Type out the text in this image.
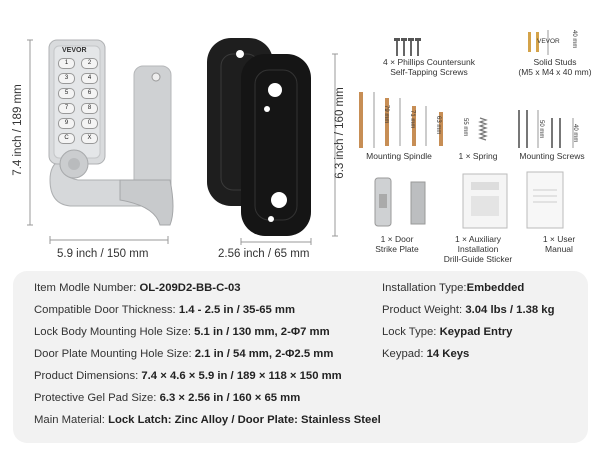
VEVOR
1	2
3	4
5	6
7	8
9	0
C	X
7.4 inch / 189 mm
5.9 inch / 150 mm
6.3 inch / 160 mm
2.56 inch / 65 mm
VEVOR
4 × Phillips Countersunk
Self-Tapping Screws
Solid Studs
(M5 x M4 x 40 mm)
40 mm
79 mm	71 mm	63 mm	55 mm	50 mm	40 mm
Mounting Spindle	1 × Spring	Mounting Screws
1 × Door
Strike Plate
1 × Auxiliary
Installation
Drill-Guide Sticker
1 × User
Manual
Item Modle Number: OL-209D2-BB-C-03
Compatible Door Thickness: 1.4 - 2.5 in / 35-65 mm
Lock Body Mounting Hole Size: 5.1 in / 130 mm, 2-Φ7 mm
Door Plate Mounting Hole Size: 2.1 in / 54 mm, 2-Φ2.5 mm
Product Dimensions: 7.4 × 4.6 × 5.9 in / 189 × 118 × 150 mm
Protective Gel Pad Size: 6.3 × 2.56 in / 160 × 65 mm
Main Material: Lock Latch: Zinc Alloy / Door Plate: Stainless Steel
Installation Type:Embedded
Product Weight: 3.04 lbs / 1.38 kg
Lock Type: Keypad Entry
Keypad: 14 Keys
